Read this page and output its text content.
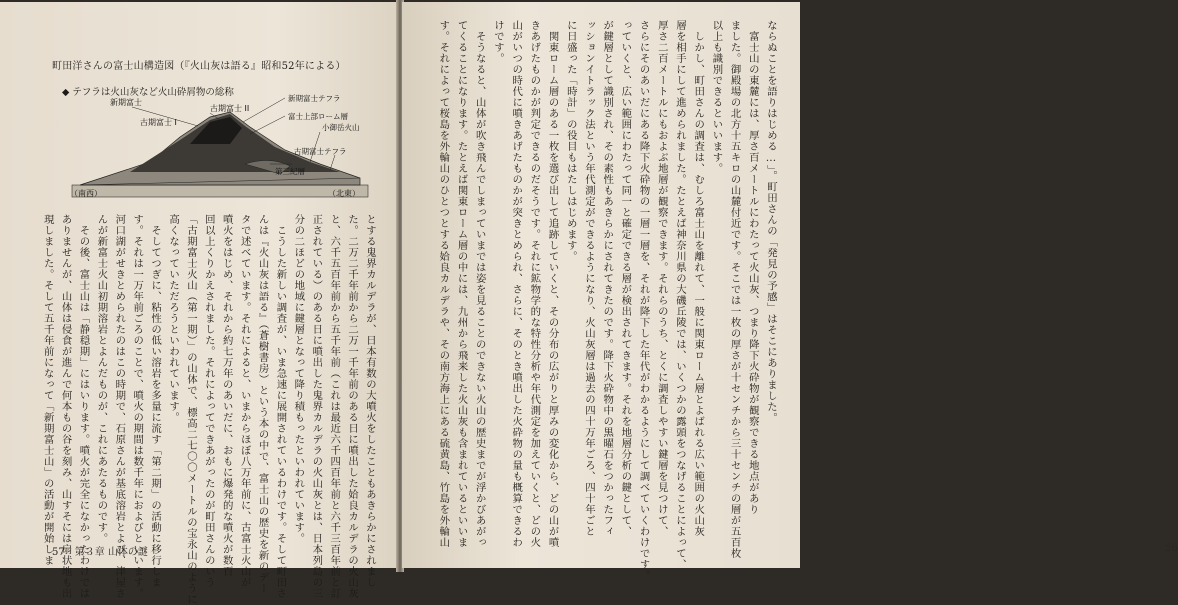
町田洋さんの富士山構造図（『火山灰は語る』昭和52年による）
◆ テフラは火山灰など火山砕屑物の総称
新期富士
古期富士 II
古期富士 I
新期富士テフラ
富士上部ローム層
小御岳火山
古期富士テフラ
第三紀層
（南西）	（北東）
とする鬼界カルデラが、日本有数の大噴火をしたこともあきらかにされまし
た。二万二千年前から二万一千年前のある日に噴出した姶良カルデラの火山灰
と、六千五百年前から五千年前（これは最近六千四百年前と六千三百年前と訂
正されている）のある日に噴出した鬼界カルデラの火山灰とは、日本列島の三
分の二ほどの地域に鍵層となって降り積もったといわれています。
　こうした新しい調査が、いま急速に展開されているわけです。そして町田さ
んは『火山灰は語る』（蒼樹書房）という本の中で、富士山の歴史を新のデー
タで述べています。それによると、いまからほぼ八万年前に、古富士火山が
噴火をはじめ、それから約七万年のあいだに、おもに爆発的な噴火が数百
回以上くりかえされました。それによってできあがったのが町田さんのいう
「古期富士火山（第一期）」の山体で、標高二七〇〇メートルの宝永山のように
高くなっていただろうといわれています。
　そしてつぎに、粘性の低い溶岩を多量に流す「第二期」の活動に移行しま
す。それは一万年前ごろのことで、噴火の期間は数千年におよびといいます。
河口湖がせきとめられたのはこの時期で、石原さんが基底溶岩とよび、津屋さ
んが新富士火山初期溶岩とよんだものが、これにあたるものです。
　その後、富士山は「静穏期」にはいります。噴火が完全になかったわけでは
ありませんが、山体は侵食が進んで何本もの谷を刻み、山すそには扇状地も出
現しました。そして五千年前になって「新期富士山」の活動が開始しま
57　第３章 山体の謎
ならぬことを語りはじめる…」。町田さんの「発見の予感」はそこにありました。
　富士山の東麓には、厚さ百メートルにわたって火山灰、つまり降下火砕物が観察できる地点があり
ました。御殿場の北方十五キロの山麓付近です。そこでは一枚の厚さが十センチから三十センチの層が五百枚
以上も識別できるといいます。
　しかし、町田さんの調査は、むしろ富士山を離れて、一般に関東ローム層とよばれる広い範囲の火山灰
層を相手にして進められました。たとえば神奈川県の大磯丘陵では、いくつかの露頭をつなげることによって、
厚さ二百メートルにもおよぶ地層が観察できます。それらのうち、とくに調査しやすい鍵層を見つけて、
さらにそのあいだにある降下火砕物の一層一層を、それが降下した年代がわかるようにして調べていくわけです。
っていくと、広い範囲にわたって同一と確定できる層が検出されてきます。それを地層分析の鍵として、
が鍵層として識別され、その素性もあきらかにされてきたのです。降下火砕物中の黒曜石をつかったフィ
ッションイトラック法という年代測定ができるようになり、火山灰層は過去の四十万年ごろ、四十年ごと
に日盛った「時計」の役目もはたしはじめます。
　関東ローム層のある一枚を選び出して追跡していくと、その分布の広がりと厚みの変化から、どの山が噴
きあげたものかが判定できるのだそうです。それに鉱物学的な特性分析や年代測定を加えていくと、どの火
山がいつの時代に噴きあげたものかが突きとめられ、さらに、そのとき噴出した火砕物の量も概算できるわ
けです。
　そうなると、山体が吹き飛んでしまっていまでは姿を見ることのできない火山の歴史までが浮かびあがっ
てくることになります。たとえば関東ローム層の中には、九州から飛来した火山灰も含まれているといいま
す。それによって桜島を外輪山のひとつとする姶良カルデラや、その南方海上にある硫黄島、竹島を外輪山
56
